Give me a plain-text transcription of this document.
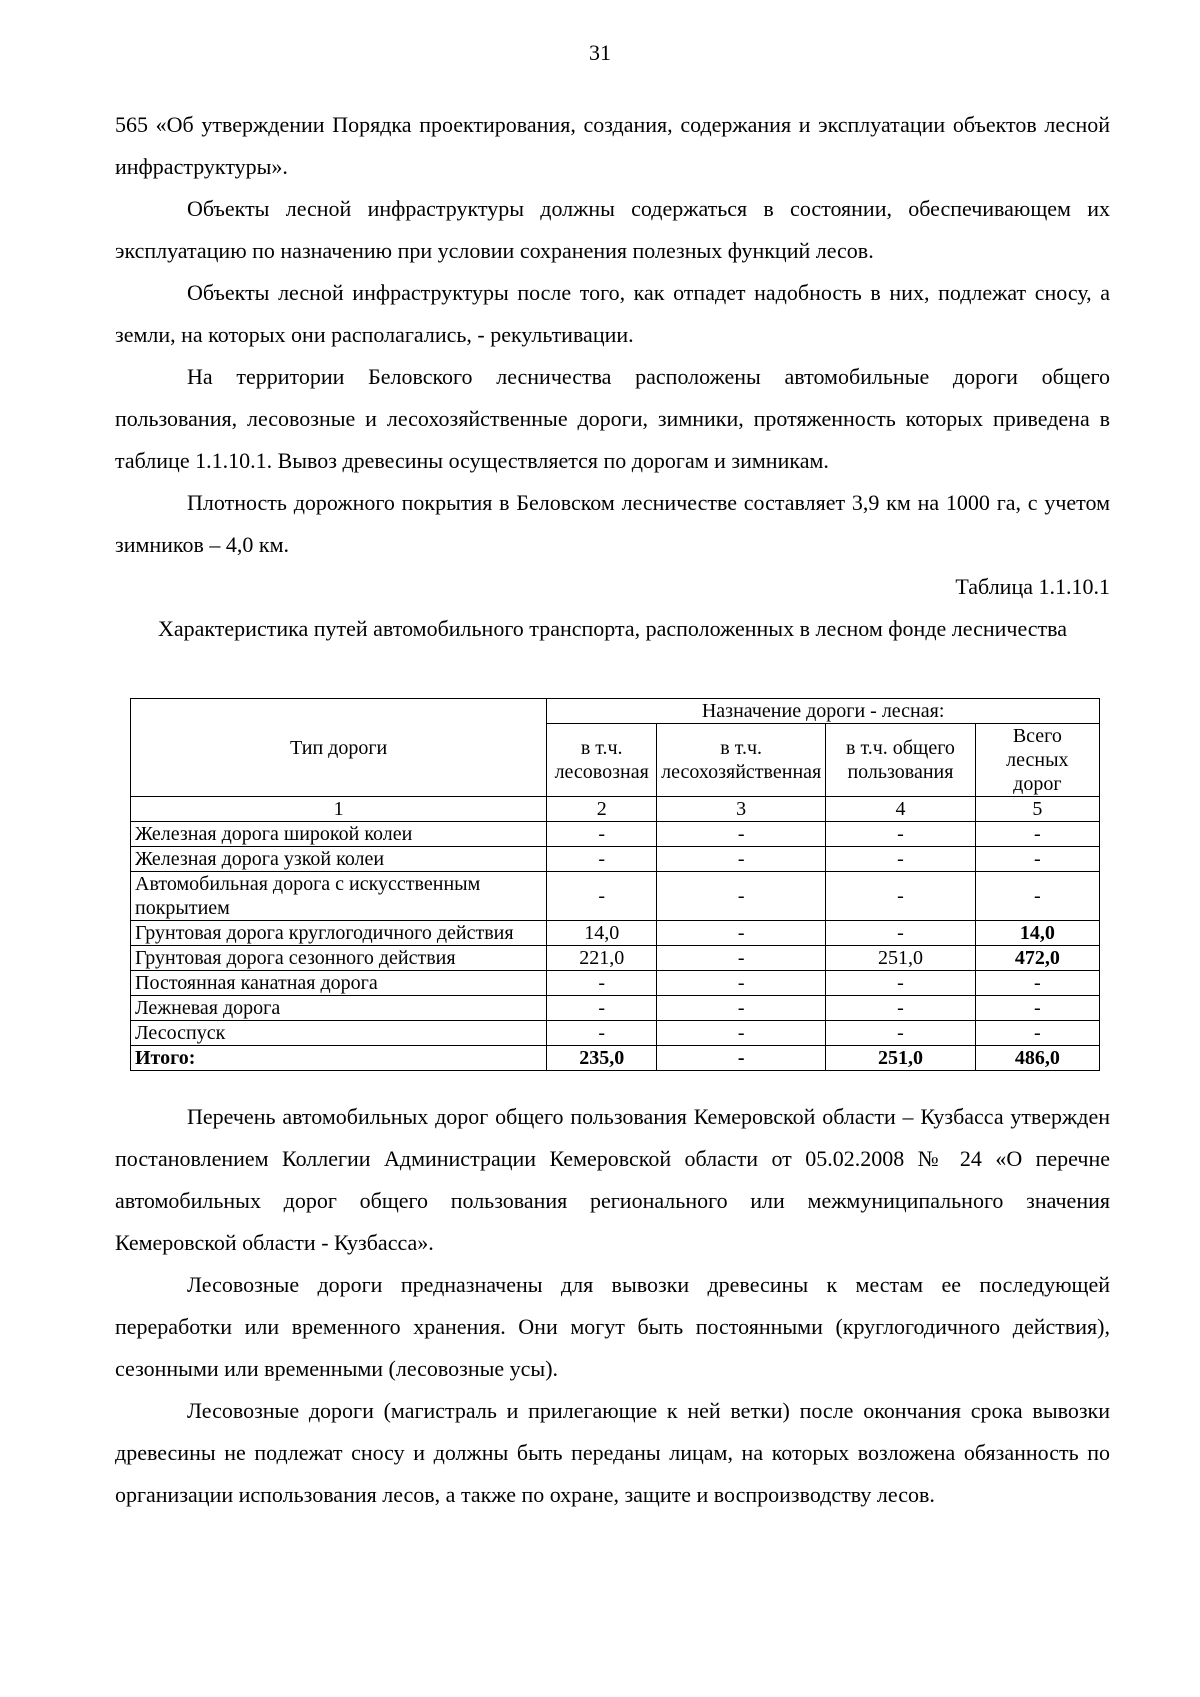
31

565 «Об утверждении Порядка проектирования, создания, содержания и эксплуатации объектов лесной инфраструктуры».

Объекты лесной инфраструктуры должны содержаться в состоянии, обеспечивающем их эксплуатацию по назначению при условии сохранения полезных функций лесов.

Объекты лесной инфраструктуры после того, как отпадет надобность в них, подлежат сносу, а земли, на которых они располагались, - рекультивации.

На территории Беловского лесничества расположены автомобильные дороги общего пользования, лесовозные и лесохозяйственные дороги, зимники, протяженность которых приведена в таблице 1.1.10.1. Вывоз древесины осуществляется по дорогам и зимникам.

Плотность дорожного покрытия в Беловском лесничестве составляет 3,9 км на 1000 га, с учетом зимников – 4,0 км.

Таблица 1.1.10.1

Характеристика путей автомобильного транспорта, расположенных в лесном фонде лесничества

Тип дороги	Назначение дороги - лесная:			
	в т.ч. лесовозная	в т.ч. лесохозяйственная	в т.ч. общего пользования	Всего лесных дорог
1	2	3	4	5
Железная дорога широкой колеи	-	-	-	-
Железная дорога узкой колеи	-	-	-	-
Автомобильная дорога с искусственным покрытием	-	-	-	-
Грунтовая дорога круглогодичного действия	14,0	-	-	14,0
Грунтовая дорога сезонного действия	221,0	-	251,0	472,0
Постоянная канатная дорога	-	-	-	-
Лежневая дорога	-	-	-	-
Лесоспуск	-	-	-	-
Итого:	235,0	-	251,0	486,0

Перечень автомобильных дорог общего пользования Кемеровской области – Кузбасса утвержден постановлением Коллегии Администрации Кемеровской области от 05.02.2008 № 24 «О перечне автомобильных дорог общего пользования регионального или межмуниципального значения Кемеровской области - Кузбасса».

Лесовозные дороги предназначены для вывозки древесины к местам ее последующей переработки или временного хранения. Они могут быть постоянными (круглогодичного действия), сезонными или временными (лесовозные усы).

Лесовозные дороги (магистраль и прилегающие к ней ветки) после окончания срока вывозки древесины не подлежат сносу и должны быть переданы лицам, на которых возложена обязанность по организации использования лесов, а также по охране, защите и воспроизводству лесов.
